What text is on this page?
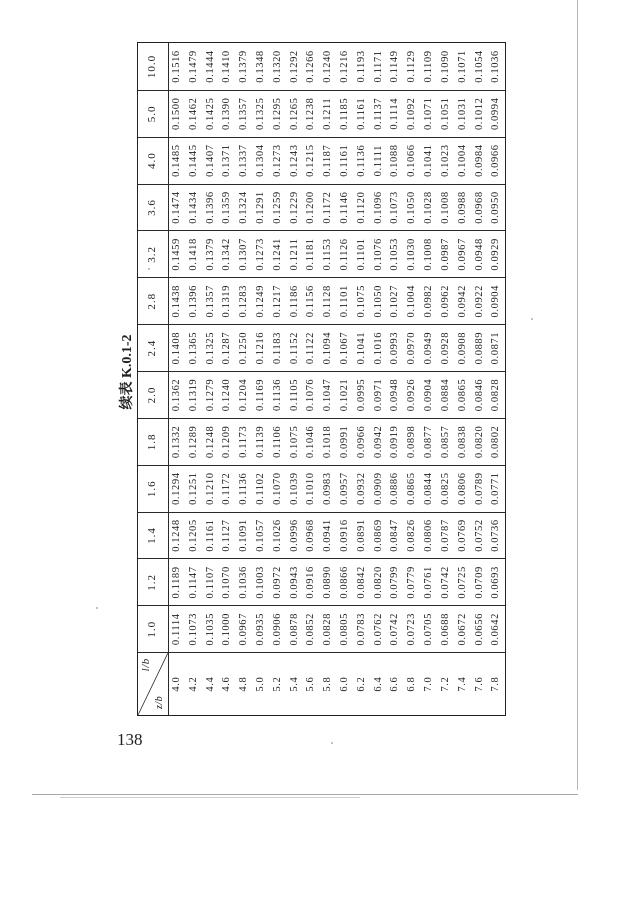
续表 K.0.1-2
l/b
z/b
1.0
1.2
1.4
1.6
1.8
2.0
2.4
2.8
3.2
3.6
4.0
5.0
10.0
4.0
0.1114
0.1189
0.1248
0.1294
0.1332
0.1362
0.1408
0.1438
0.1459
0.1474
0.1485
0.1500
0.1516
4.2
0.1073
0.1147
0.1205
0.1251
0.1289
0.1319
0.1365
0.1396
0.1418
0.1434
0.1445
0.1462
0.1479
4.4
0.1035
0.1107
0.1161
0.1210
0.1248
0.1279
0.1325
0.1357
0.1379
0.1396
0.1407
0.1425
0.1444
4.6
0.1000
0.1070
0.1127
0.1172
0.1209
0.1240
0.1287
0.1319
0.1342
0.1359
0.1371
0.1390
0.1410
4.8
0.0967
0.1036
0.1091
0.1136
0.1173
0.1204
0.1250
0.1283
0.1307
0.1324
0.1337
0.1357
0.1379
5.0
0.0935
0.1003
0.1057
0.1102
0.1139
0.1169
0.1216
0.1249
0.1273
0.1291
0.1304
0.1325
0.1348
5.2
0.0906
0.0972
0.1026
0.1070
0.1106
0.1136
0.1183
0.1217
0.1241
0.1259
0.1273
0.1295
0.1320
5.4
0.0878
0.0943
0.0996
0.1039
0.1075
0.1105
0.1152
0.1186
0.1211
0.1229
0.1243
0.1265
0.1292
5.6
0.0852
0.0916
0.0968
0.1010
0.1046
0.1076
0.1122
0.1156
0.1181
0.1200
0.1215
0.1238
0.1266
5.8
0.0828
0.0890
0.0941
0.0983
0.1018
0.1047
0.1094
0.1128
0.1153
0.1172
0.1187
0.1211
0.1240
6.0
0.0805
0.0866
0.0916
0.0957
0.0991
0.1021
0.1067
0.1101
0.1126
0.1146
0.1161
0.1185
0.1216
6.2
0.0783
0.0842
0.0891
0.0932
0.0966
0.0995
0.1041
0.1075
0.1101
0.1120
0.1136
0.1161
0.1193
6.4
0.0762
0.0820
0.0869
0.0909
0.0942
0.0971
0.1016
0.1050
0.1076
0.1096
0.1111
0.1137
0.1171
6.6
0.0742
0.0799
0.0847
0.0886
0.0919
0.0948
0.0993
0.1027
0.1053
0.1073
0.1088
0.1114
0.1149
6.8
0.0723
0.0779
0.0826
0.0865
0.0898
0.0926
0.0970
0.1004
0.1030
0.1050
0.1066
0.1092
0.1129
7.0
0.0705
0.0761
0.0806
0.0844
0.0877
0.0904
0.0949
0.0982
0.1008
0.1028
0.1041
0.1071
0.1109
7.2
0.0688
0.0742
0.0787
0.0825
0.0857
0.0884
0.0928
0.0962
0.0987
0.1008
0.1023
0.1051
0.1090
7.4
0.0672
0.0725
0.0769
0.0806
0.0838
0.0865
0.0908
0.0942
0.0967
0.0988
0.1004
0.1031
0.1071
7.6
0.0656
0.0709
0.0752
0.0789
0.0820
0.0846
0.0889
0.0922
0.0948
0.0968
0.0984
0.1012
0.1054
7.8
0.0642
0.0693
0.0736
0.0771
0.0802
0.0828
0.0871
0.0904
0.0929
0.0950
0.0966
0.0994
0.1036
138
